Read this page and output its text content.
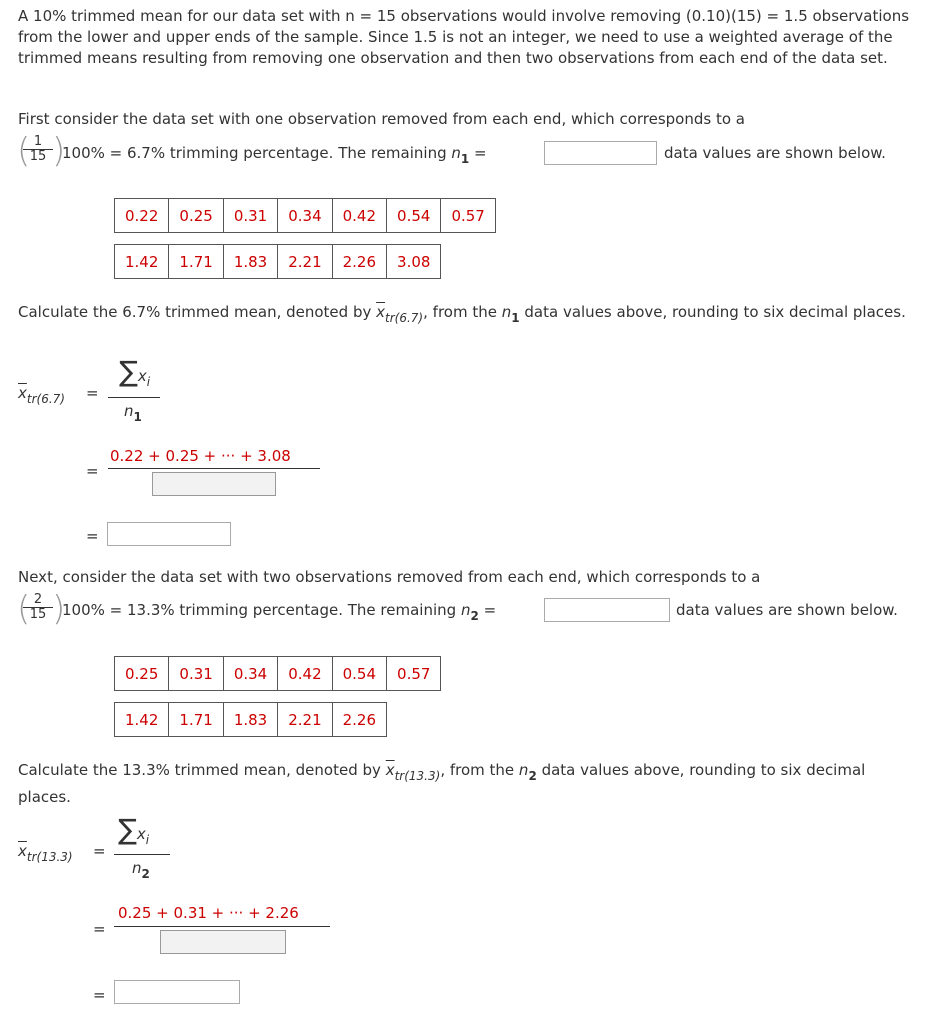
A 10% trimmed mean for our data set with n = 15 observations would involve removing (0.10)(15) = 1.5 observations from the lower and upper ends of the sample. Since 1.5 is not an integer, we need to use a weighted average of the trimmed means resulting from removing one observation and then two observations from each end of the data set.

First consider the data set with one observation removed from each end, which corresponds to a
(
$\frac{1}{15}$ )
100% = 6.7% trimming percentage. The remaining $n_1$ =	data values are shown below.
0.22	0.25	0.31	0.34	0.42	0.54	0.57
1.42	1.71	1.83	2.21	2.26	3.08
Calculate the 6.7% trimmed mean, denoted by $\overline{x}_{tr(6.7)}$, from the $n_1$ data values above, rounding to six decimal places.
$\overline{x}_{tr(6.7)}$ =
$\sum x_i$
$n_1$
=
0.22 + 0.25 + ··· + 3.08
=
Next, consider the data set with two observations removed from each end, which corresponds to a
(
$\frac{2}{15}$ )
100% = 13.3% trimming percentage. The remaining $n_2$ =	data values are shown below.
0.25	0.31	0.34	0.42	0.54	0.57
1.42	1.71	1.83	2.21	2.26
Calculate the 13.3% trimmed mean, denoted by $\overline{x}_{tr(13.3)}$, from the $n_2$ data values above, rounding to six decimal places.
$\overline{x}_{tr(13.3)}$ =
$\sum x_i$
$n_2$
=
0.25 + 0.31 + ··· + 2.26
=
